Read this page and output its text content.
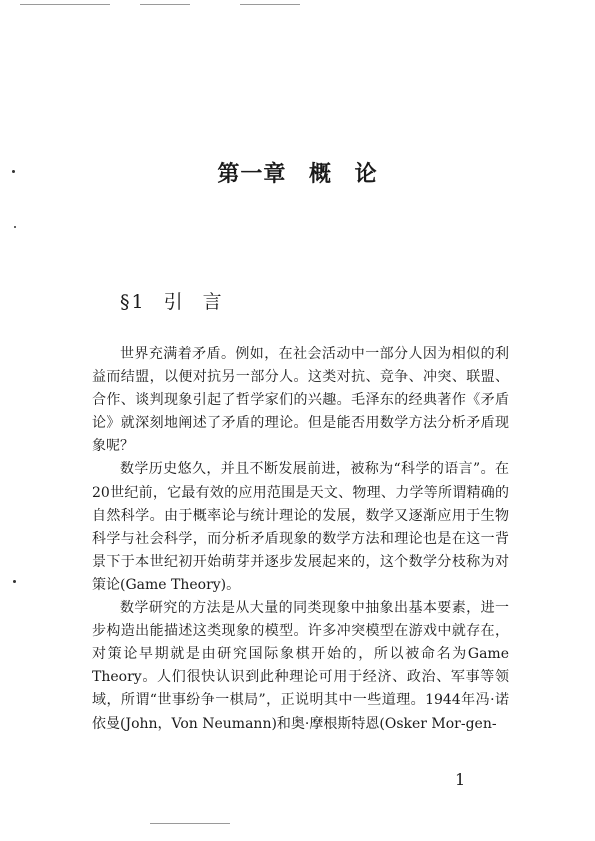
第一章 概 论
§1 引 言

世界充满着矛盾。例如，在社会活动中一部分人因为相似的利益而结盟，以便对抗另一部分人。这类对抗、竞争、冲突、联盟、合作、谈判现象引起了哲学家们的兴趣。毛泽东的经典著作《矛盾论》就深刻地阐述了矛盾的理论。但是能否用数学方法分析矛盾现象呢？

数学历史悠久，并且不断发展前进，被称为“科学的语言”。在20世纪前，它最有效的应用范围是天文、物理、力学等所谓精确的自然科学。由于概率论与统计理论的发展，数学又逐渐应用于生物科学与社会科学，而分析矛盾现象的数学方法和理论也是在这一背景下于本世纪初开始萌芽并逐步发展起来的，这个数学分枝称为对策论(Game Theory)。

数学研究的方法是从大量的同类现象中抽象出基本要素，进一步构造出能描述这类现象的模型。许多冲突模型在游戏中就存在，对策论早期就是由研究国际象棋开始的，所以被命名为Game Theory。人们很快认识到此种理论可用于经济、政治、军事等领域，所谓“世事纷争一棋局”，正说明其中一些道理。1944年冯·诺依曼(John，Von Neumann)和奥·摩根斯特恩(Osker Mor-gen-

1
